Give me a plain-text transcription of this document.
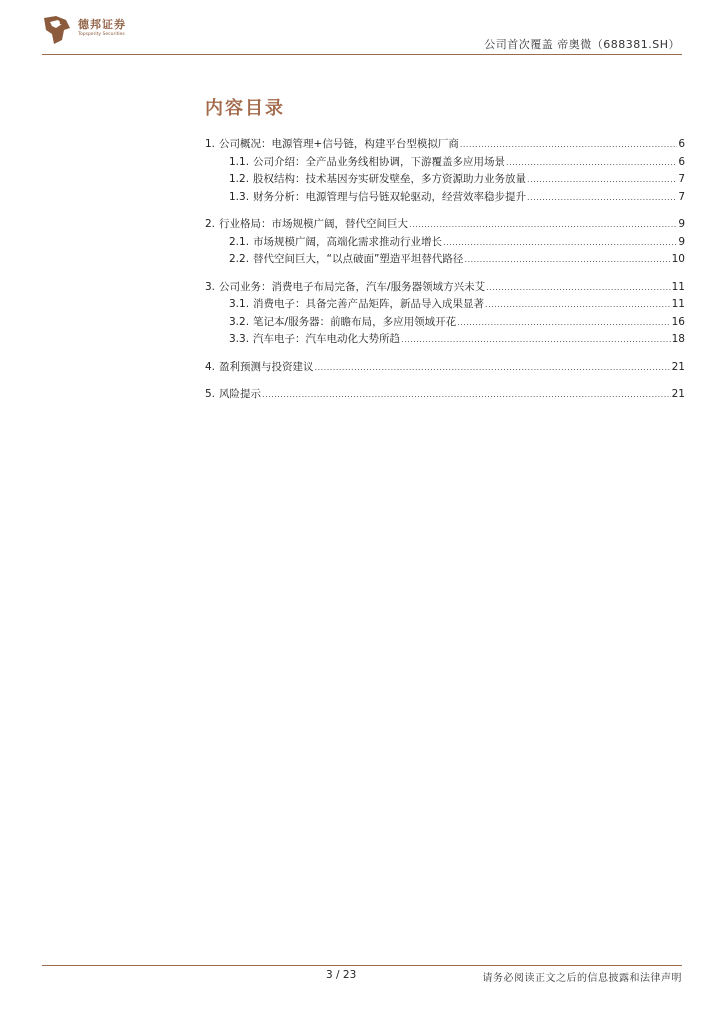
德邦证券
Topsperity Securities
公司首次覆盖 帝奥微（688381.SH）
内容目录
1. 公司概况：电源管理+信号链，构建平台型模拟厂商 .....	6
1.1. 公司介绍：全产品业务线相协调，下游覆盖多应用场景 .....	6
1.2. 股权结构：技术基因夯实研发壁垒，多方资源助力业务放量 .....	7
1.3. 财务分析：电源管理与信号链双轮驱动，经营效率稳步提升 .....	7
2. 行业格局：市场规模广阔，替代空间巨大 .....	9
2.1. 市场规模广阔，高端化需求推动行业增长 .....	9
2.2. 替代空间巨大，“以点破面”塑造平坦替代路径 .....	10
3. 公司业务：消费电子布局完备，汽车/服务器领域方兴未艾 .....	11
3.1. 消费电子：具备完善产品矩阵，新品导入成果显著 .....	11
3.2. 笔记本/服务器：前瞻布局，多应用领域开花 .....	16
3.3. 汽车电子：汽车电动化大势所趋 .....	18
4. 盈利预测与投资建议 .....	21
5. 风险提示 .....	21
3 / 23	请务必阅读正文之后的信息披露和法律声明
